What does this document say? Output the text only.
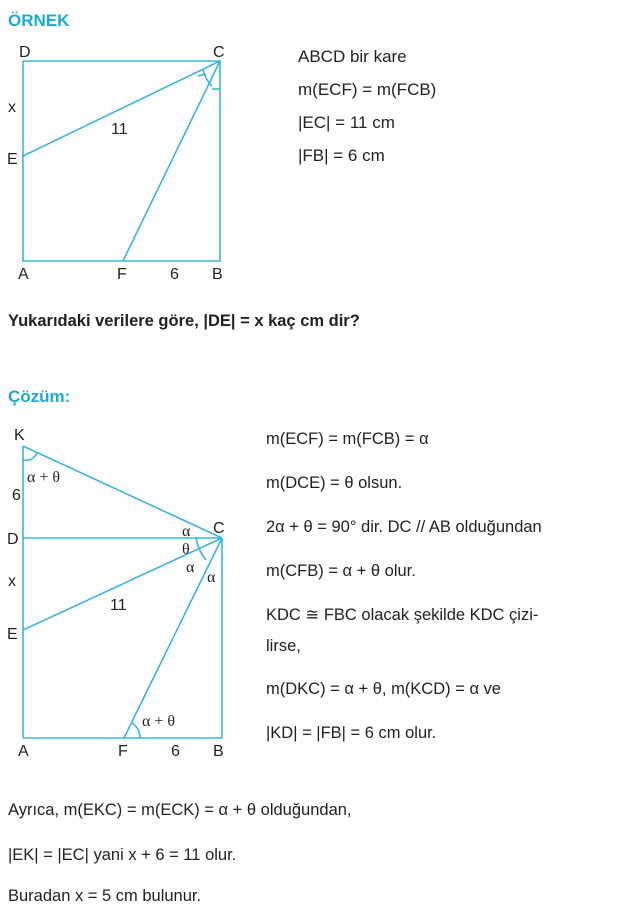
ÖRNEK
D	C
x
E
11
A	F	6 B
ABCD bir kare
m(ECF) = m(FCB)
|EC| = 11 cm
|FB| = 6 cm
Yukarıdaki verilere göre, |DE| = x kaç cm dir?
Çözüm:
K
α + θ
6
D	α C
θ
α
α
x
11
E
α + θ
A	F	6 B
m(ECF) = m(FCB) = α
m(DCE) = θ olsun.
2α + θ = 90° dir. DC // AB olduğundan
m(CFB) = α + θ olur.
KDC ≅ FBC olacak şekilde KDC çizi-
lirse,
m(DKC) = α + θ, m(KCD) = α ve
|KD| = |FB| = 6 cm olur.
Ayrıca, m(EKC) = m(ECK) = α + θ olduğundan,
|EK| = |EC| yani x + 6 = 11 olur.
Buradan x = 5 cm bulunur.
